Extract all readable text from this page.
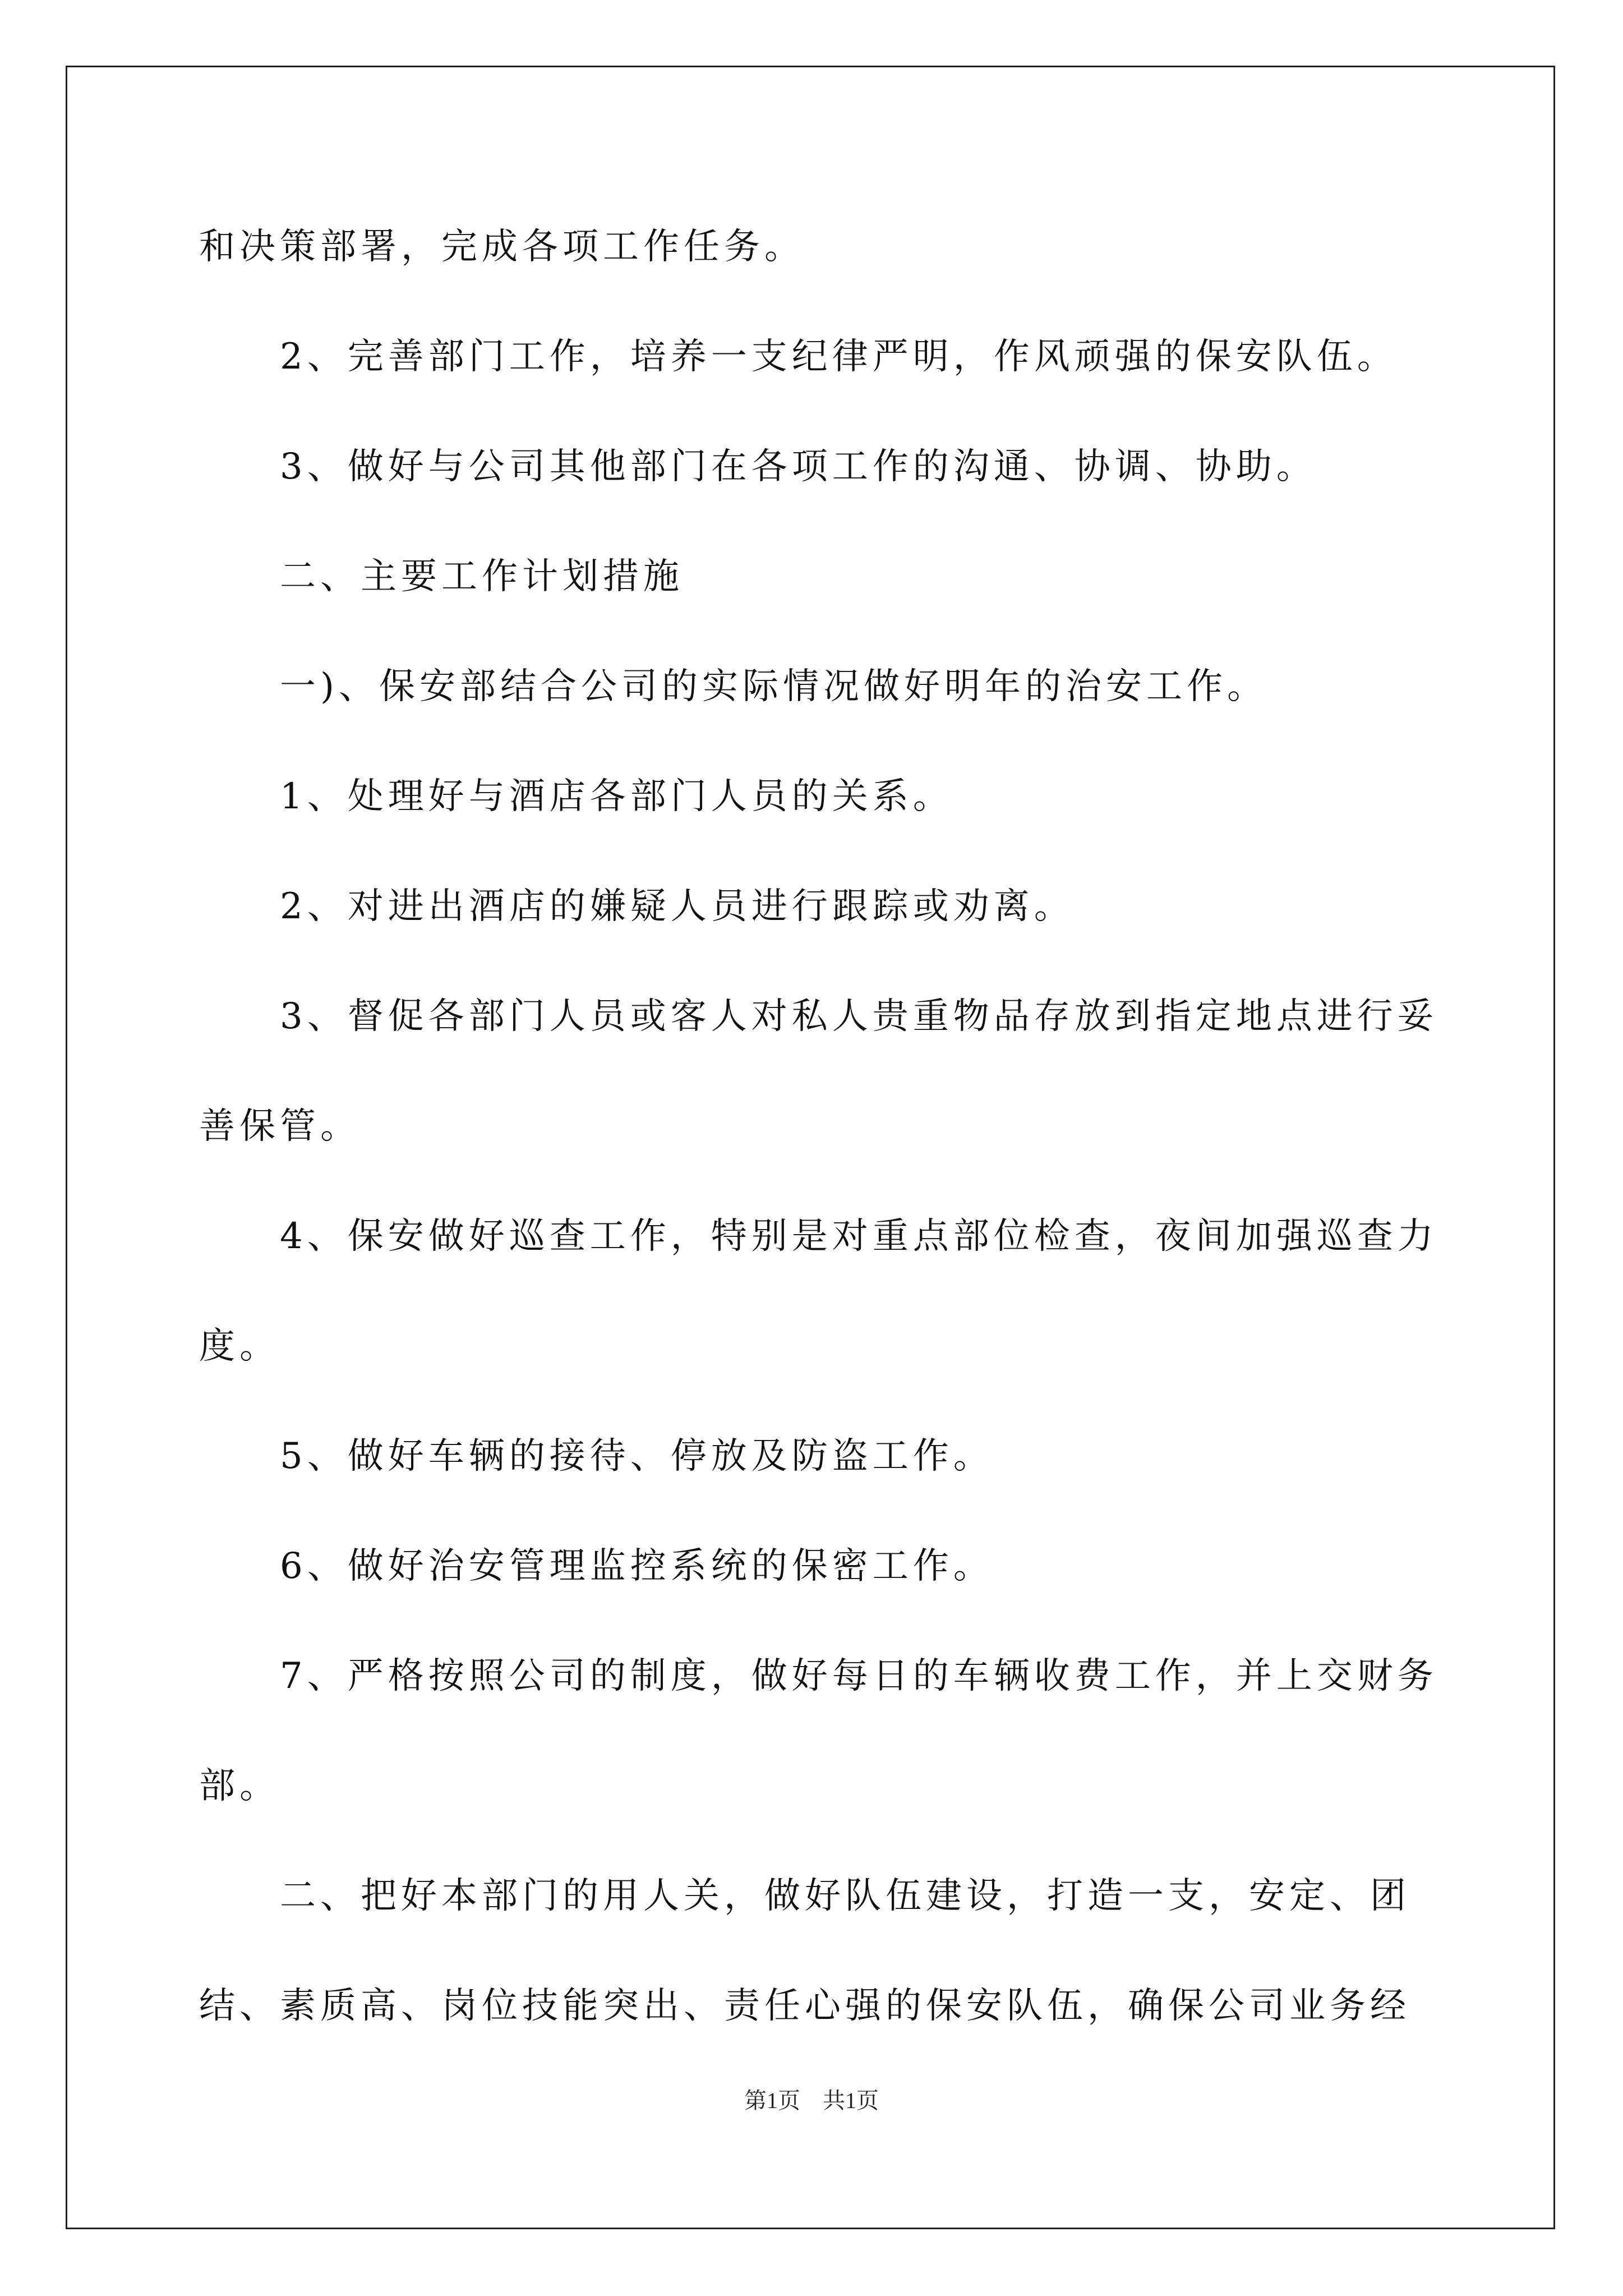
和决策部署，完成各项工作任务。
2、完善部门工作，培养一支纪律严明，作风顽强的保安队伍。
3、做好与公司其他部门在各项工作的沟通、协调、协助。
二、主要工作计划措施
一)、保安部结合公司的实际情况做好明年的治安工作。
1、处理好与酒店各部门人员的关系。
2、对进出酒店的嫌疑人员进行跟踪或劝离。
3、督促各部门人员或客人对私人贵重物品存放到指定地点进行妥
善保管。
4、保安做好巡查工作，特别是对重点部位检查，夜间加强巡查力
度。
5、做好车辆的接待、停放及防盗工作。
6、做好治安管理监控系统的保密工作。
7、严格按照公司的制度，做好每日的车辆收费工作，并上交财务
部。
二、把好本部门的用人关，做好队伍建设，打造一支，安定、团
结、素质高、岗位技能突出、责任心强的保安队伍，确保公司业务经
第1页　共1页
